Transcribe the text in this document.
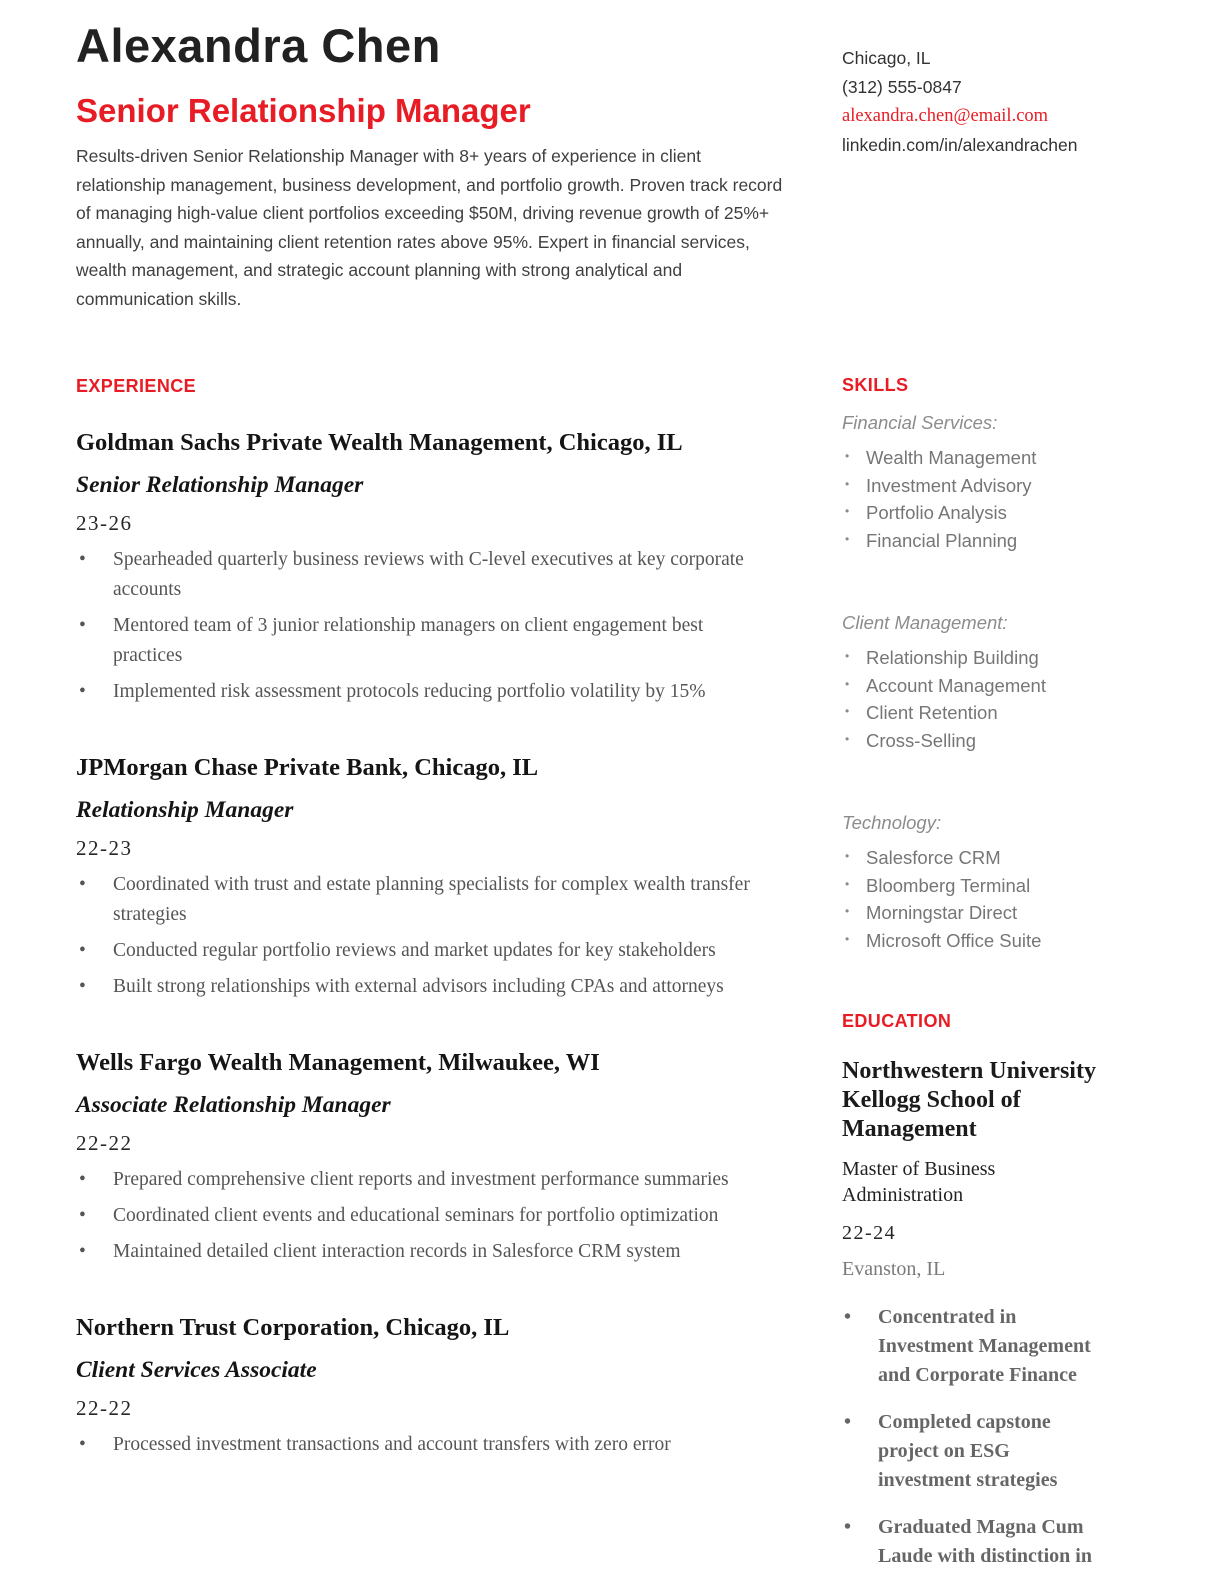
Alexandra Chen
Senior Relationship Manager

Results-driven Senior Relationship Manager with 8+ years of experience in client relationship management, business development, and portfolio growth. Proven track record of managing high-value client portfolios exceeding $50M, driving revenue growth of 25%+ annually, and maintaining client retention rates above 95%. Expert in financial services, wealth management, and strategic account planning with strong analytical and communication skills.

EXPERIENCE
Goldman Sachs Private Wealth Management, Chicago, IL
Senior Relationship Manager
23-26
• Spearheaded quarterly business reviews with C-level executives at key corporate accounts
• Mentored team of 3 junior relationship managers on client engagement best practices
• Implemented risk assessment protocols reducing portfolio volatility by 15%
JPMorgan Chase Private Bank, Chicago, IL
Relationship Manager
22-23
• Coordinated with trust and estate planning specialists for complex wealth transfer strategies
• Conducted regular portfolio reviews and market updates for key stakeholders
• Built strong relationships with external advisors including CPAs and attorneys
Wells Fargo Wealth Management, Milwaukee, WI
Associate Relationship Manager
22-22
• Prepared comprehensive client reports and investment performance summaries
• Coordinated client events and educational seminars for portfolio optimization
• Maintained detailed client interaction records in Salesforce CRM system
Northern Trust Corporation, Chicago, IL
Client Services Associate
22-22
• Processed investment transactions and account transfers with zero error
Chicago, IL
(312) 555-0847
alexandra.chen@email.com
linkedin.com/in/alexandrachen
SKILLS
Financial Services:
• Wealth Management
• Investment Advisory
• Portfolio Analysis
• Financial Planning
Client Management:
• Relationship Building
• Account Management
• Client Retention
• Cross-Selling
Technology:
• Salesforce CRM
• Bloomberg Terminal
• Morningstar Direct
• Microsoft Office Suite
EDUCATION
Northwestern University Kellogg School of Management
Master of Business Administration
22-24
Evanston, IL
• Concentrated in Investment Management and Corporate Finance
• Completed capstone project on ESG investment strategies
• Graduated Magna Cum Laude with distinction in
